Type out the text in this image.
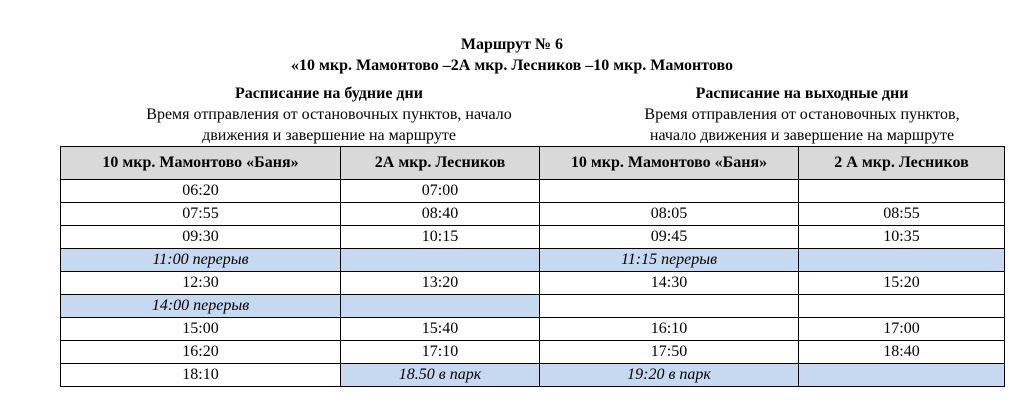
Маршрут № 6
«10 мкр. Мамонтово –2А мкр. Лесников –10 мкр. Мамонтово
Расписание на будние дни
Время отправления от остановочных пунктов, начало
движения и завершение на маршруте
Расписание на выходные дни
Время отправления от остановочных пунктов,
начало движения и завершение на маршруте
10 мкр. Мамонтово «Баня»	2А мкр. Лесников	10 мкр. Мамонтово «Баня»	2 А мкр. Лесников
06:20	07:00		
07:55	08:40	08:05	08:55
09:30	10:15	09:45	10:35
11:00 перерыв		11:15 перерыв	
12:30	13:20	14:30	15:20
14:00 перерыв			
15:00	15:40	16:10	17:00
16:20	17:10	17:50	18:40
18:10	18.50 в парк	19:20 в парк	
